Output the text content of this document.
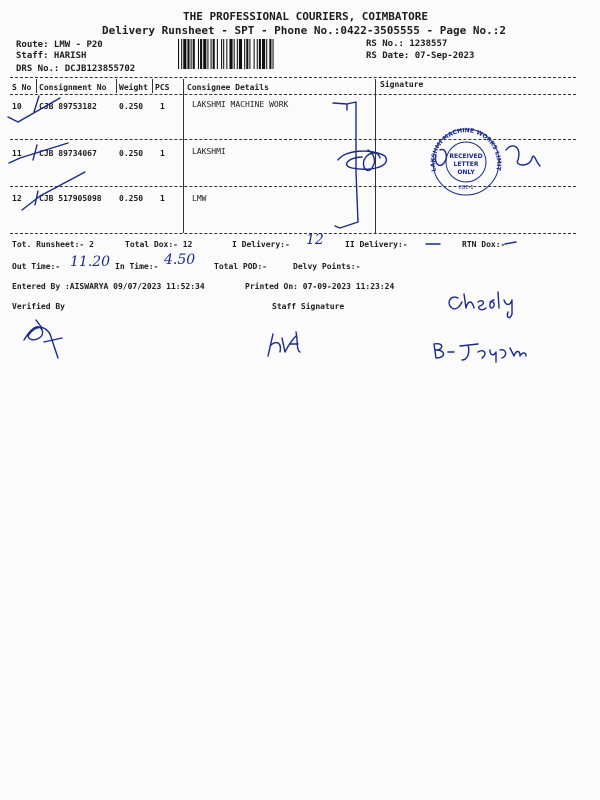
THE PROFESSIONAL COURIERS, COIMBATORE
Delivery Runsheet - SPT - Phone No.:0422-3505555 - Page No.:2
Route: LMW - P20
Staff: HARISH
DRS No.: DCJB123855702
RS No.: 1238557
RS Date: 07-Sep-2023
S No Consignment No Weight PCS Consignee Details	Signature
10 CJB 89753182	0.250 1	LAKSHMI MACHINE WORK
11 CJB 89734067	0.250 1	LAKSHMI
12 CJB 517905098 0.250 1	LMW
LAKSHMI MACHINE WORKS LIMITED
RECEIVED
LETTER
ONLY
CBE-1
Tot. Runsheet:- 2	Total Dox:- 12	I Delivery:- 12	II Delivery:-	RTN Dox:-
Out Time:- 11.20 In Time:- 4.50 Total POD:-	Delvy Points:-
Entered By :AISWARYA 09/07/2023 11:52:34	Printed On: 07-09-2023 11:23:24
Verified By	Staff Signature
